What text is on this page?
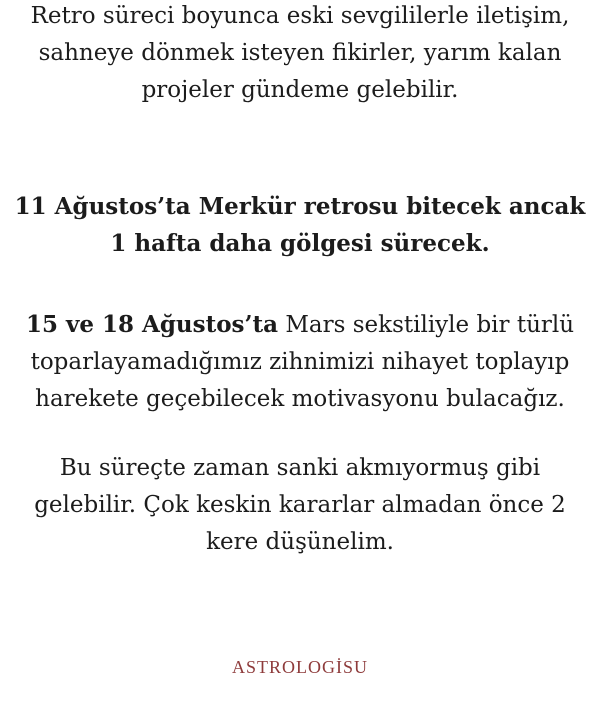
Retro süreci boyunca eski sevgililerle iletişim, sahneye dönmek isteyen fikirler, yarım kalan projeler gündeme gelebilir.

11 Ağustos’ta Merkür retrosu bitecek ancak 1 hafta daha gölgesi sürecek.

15 ve 18 Ağustos’ta Mars sekstiliyle bir türlü toparlayamadığımız zihnimizi nihayet toplayıp harekete geçebilecek motivasyonu bulacağız.

Bu süreçte zaman sanki akmıyormuş gibi gelebilir. Çok keskin kararlar almadan önce 2 kere düşünelim.

ASTROLOGİSU
